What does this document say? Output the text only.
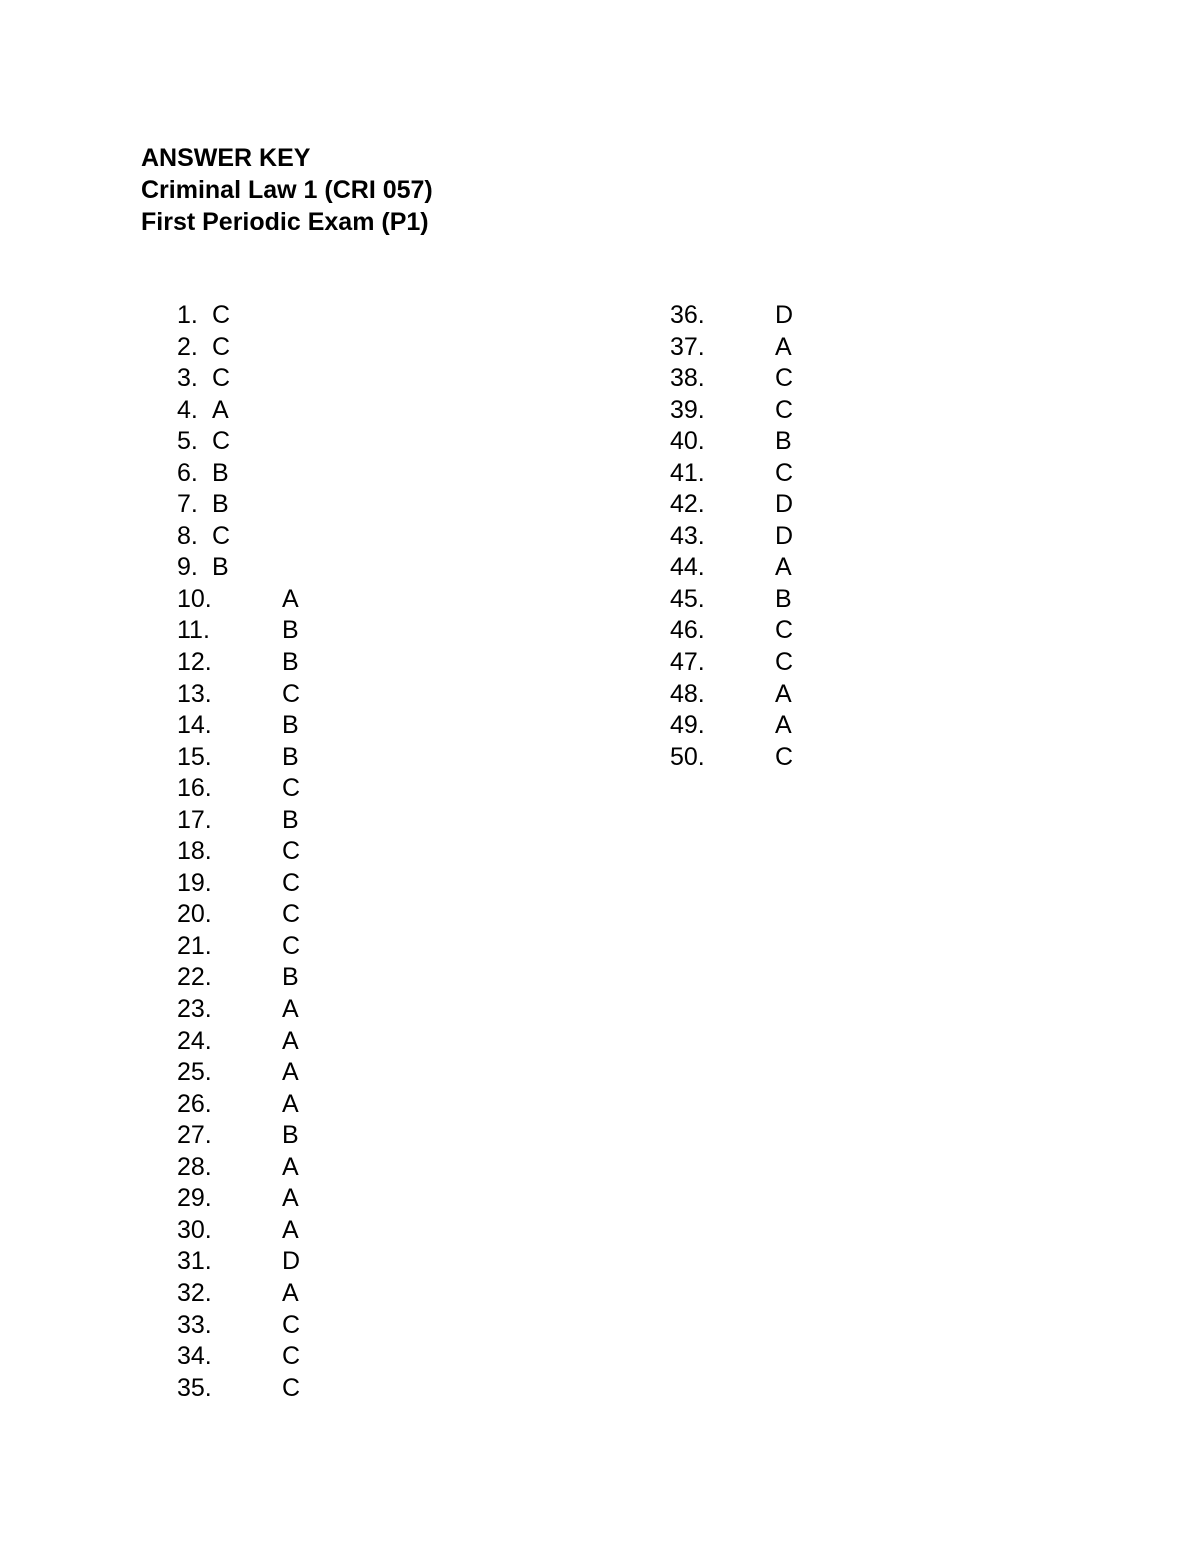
ANSWER KEY
Criminal Law 1 (CRI 057)
First Periodic Exam (P1)
1. C
2. C
3. C
4. A
5. C
6. B
7. B
8. C
9. B
10.	A
11.	B
12.	B
13.	C
14.	B
15.	B
16.	C
17.	B
18.	C
19.	C
20.	C
21.	C
22.	B
23.	A
24.	A
25.	A
26.	A
27.	B
28.	A
29.	A
30.	A
31.	D
32.	A
33.	C
34.	C
35.	C
36.	D
37.	A
38.	C
39.	C
40.	B
41.	C
42.	D
43.	D
44.	A
45.	B
46.	C
47.	C
48.	A
49.	A
50.	C
